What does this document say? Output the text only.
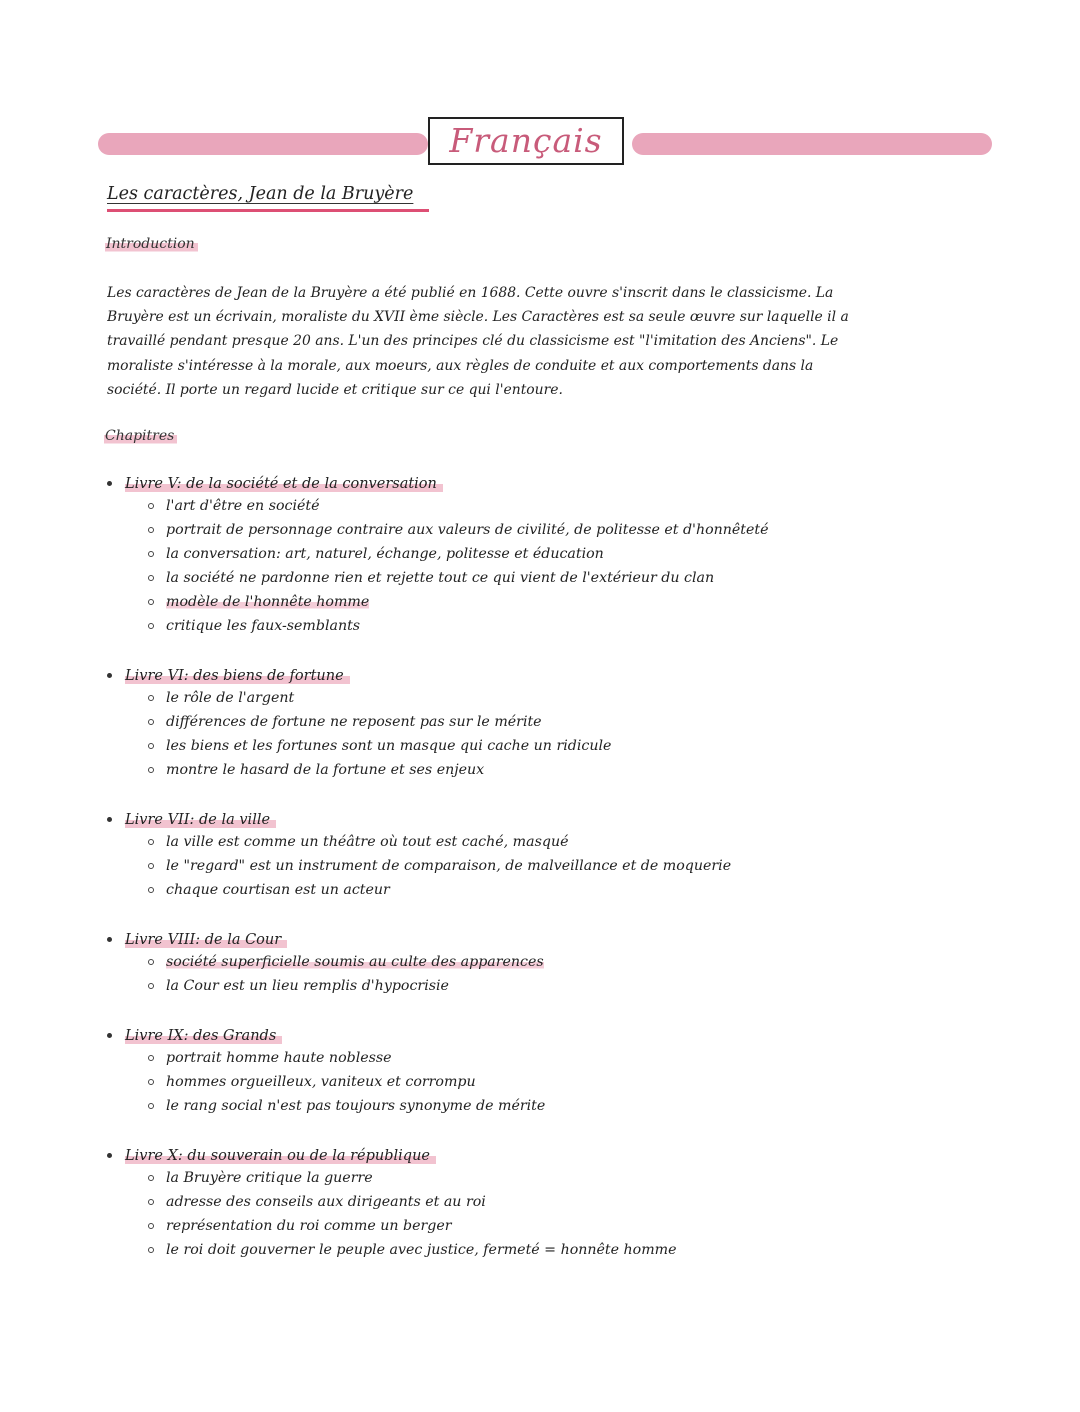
Français
Les caractères, Jean de la Bruyère
Introduction
Les caractères de Jean de la Bruyère a été publié en 1688. Cette ouvre s'inscrit dans le classicisme. La
Bruyère est un écrivain, moraliste du XVII ème siècle. Les Caractères est sa seule œuvre sur laquelle il a
travaillé pendant presque 20 ans. L'un des principes clé du classicisme est "l'imitation des Anciens". Le
moraliste s'intéresse à la morale, aux moeurs, aux règles de conduite et aux comportements dans la
société. Il porte un regard lucide et critique sur ce qui l'entoure.
Chapitres
Livre V: de la société et de la conversation
l'art d'être en société
portrait de personnage contraire aux valeurs de civilité, de politesse et d'honnêteté
la conversation: art, naturel, échange, politesse et éducation
la société ne pardonne rien et rejette tout ce qui vient de l'extérieur du clan
modèle de l'honnête homme
critique les faux-semblants
Livre VI: des biens de fortune
le rôle de l'argent
différences de fortune ne reposent pas sur le mérite
les biens et les fortunes sont un masque qui cache un ridicule
montre le hasard de la fortune et ses enjeux
Livre VII: de la ville
la ville est comme un théâtre où tout est caché, masqué
le "regard" est un instrument de comparaison, de malveillance et de moquerie
chaque courtisan est un acteur
Livre VIII: de la Cour
société superficielle soumis au culte des apparences
la Cour est un lieu remplis d'hypocrisie
Livre IX: des Grands
portrait homme haute noblesse
hommes orgueilleux, vaniteux et corrompu
le rang social n'est pas toujours synonyme de mérite
Livre X: du souverain ou de la république
la Bruyère critique la guerre
adresse des conseils aux dirigeants et au roi
représentation du roi comme un berger
le roi doit gouverner le peuple avec justice, fermeté = honnête homme
